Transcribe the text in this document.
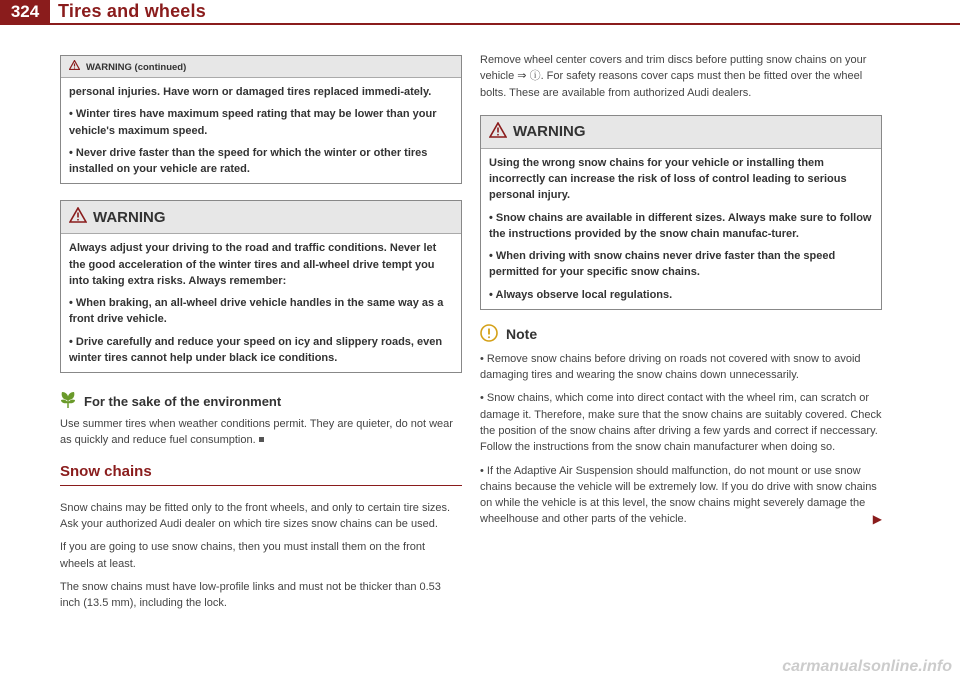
324	Tires and wheels
WARNING (continued)

personal injuries. Have worn or damaged tires replaced immedi-ately.

• Winter tires have maximum speed rating that may be lower than your vehicle's maximum speed.

• Never drive faster than the speed for which the winter or other tires installed on your vehicle are rated.

WARNING

Always adjust your driving to the road and traffic conditions. Never let the good acceleration of the winter tires and all-wheel drive tempt you into taking extra risks. Always remember:

• When braking, an all-wheel drive vehicle handles in the same way as a front drive vehicle.

• Drive carefully and reduce your speed on icy and slippery roads, even winter tires cannot help under black ice conditions.

For the sake of the environment

Use summer tires when weather conditions permit. They are quieter, do not wear as quickly and reduce fuel consumption.

Snow chains

Snow chains may be fitted only to the front wheels, and only to certain tire sizes. Ask your authorized Audi dealer on which tire sizes snow chains can be used.

If you are going to use snow chains, then you must install them on the front wheels at least.

The snow chains must have low-profile links and must not be thicker than 0.53 inch (13.5 mm), including the lock.

Remove wheel center covers and trim discs before putting snow chains on your vehicle ⇒ ⓘ. For safety reasons cover caps must then be fitted over the wheel bolts. These are available from authorized Audi dealers.

WARNING

Using the wrong snow chains for your vehicle or installing them incorrectly can increase the risk of loss of control leading to serious personal injury.

• Snow chains are available in different sizes. Always make sure to follow the instructions provided by the snow chain manufac-turer.

• When driving with snow chains never drive faster than the speed permitted for your specific snow chains.

• Always observe local regulations.

Note

• Remove snow chains before driving on roads not covered with snow to avoid damaging tires and wearing the snow chains down unnecessarily.

• Snow chains, which come into direct contact with the wheel rim, can scratch or damage it. Therefore, make sure that the snow chains are suitably covered. Check the position of the snow chains after driving a few yards and correct if neccessary. Follow the instructions from the snow chain manufacturer when doing so.

• If the Adaptive Air Suspension should malfunction, do not mount or use snow chains because the vehicle will be extremely low. If you do drive with snow chains on while the vehicle is at this level, the snow chains might severely damage the wheelhouse and other parts of the vehicle.	▶

carmanualsonline.info
